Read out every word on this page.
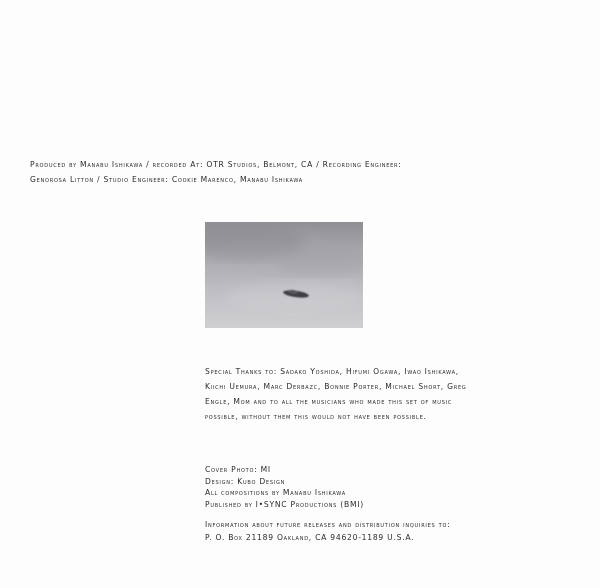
Produced by Manabu Ishikawa / recorded At: OTR Studios, Belmont, CA / Recording Engineer:
Genorosa Litton / Studio Engineer: Cookie Marenco, Manabu Ishikawa
Special Thanks to: Sadako Yoshida, Hifumi Ogawa, Iwao Ishikawa,
Kiichi Uemura, Marc Derbazc, Bonnie Porter, Michael Short, Greg
Engle, Mom and to all the musicians who made this set of music
possible, without them this would not have been possible.
Cover Photo: MI
Design: Kubo Design
All compositions by Manabu Ishikawa
Published by I•SYNC Productions (BMI)
Information about future releases and distribution inquiries to:
P. O. Box 21189 Oakland, CA 94620-1189 U.S.A.
